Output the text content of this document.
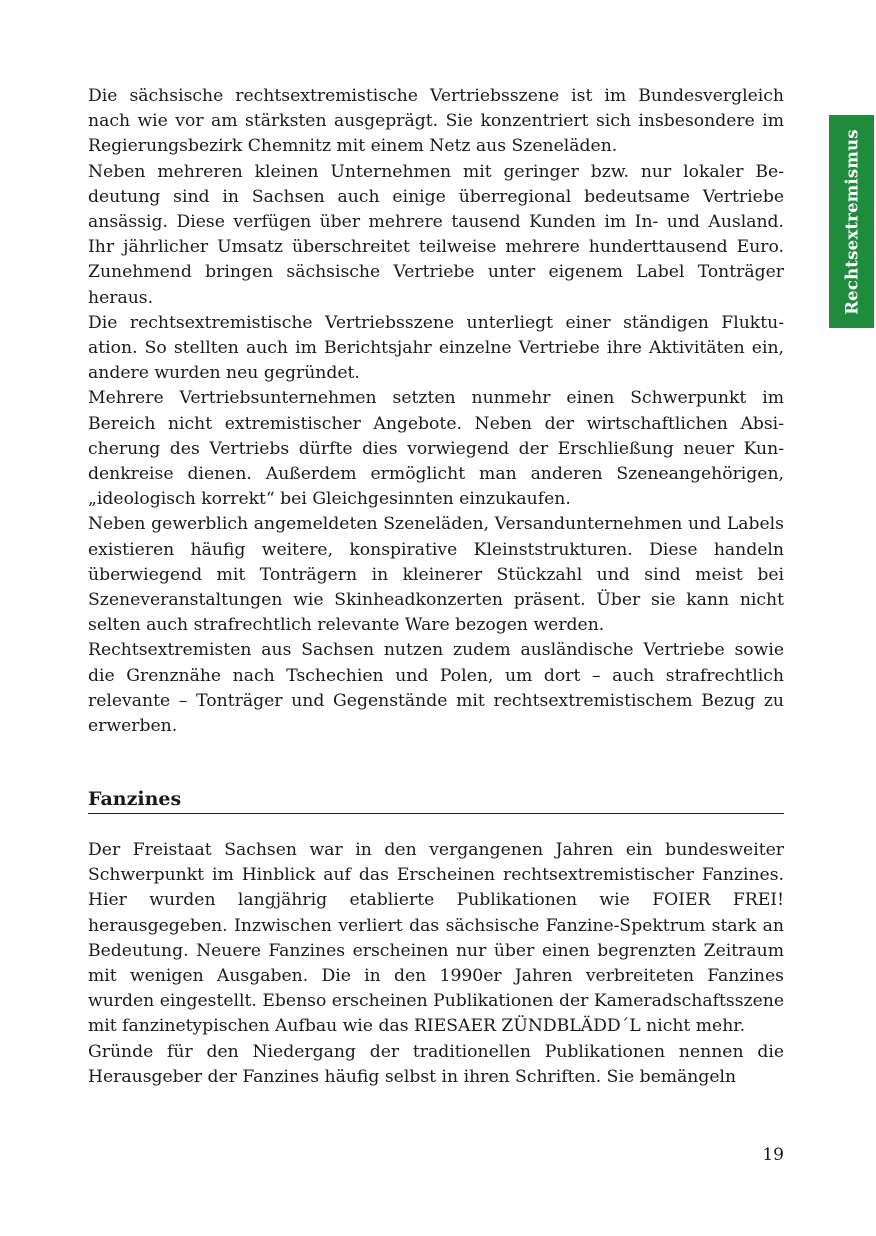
Rechtsextremismus

Die sächsische rechtsextremistische Vertriebsszene ist im Bundesvergleich nach wie vor am stärksten ausgeprägt. Sie konzentriert sich insbesondere im Regierungsbezirk Chemnitz mit einem Netz aus Szeneläden.

Neben mehreren kleinen Unternehmen mit geringer bzw. nur lokaler Bedeutung sind in Sachsen auch einige überregional bedeutsame Vertriebe ansässig. Diese verfügen über mehrere tausend Kunden im In- und Ausland. Ihr jährlicher Umsatz überschreitet teilweise mehrere hunderttausend Euro. Zunehmend bringen sächsische Vertriebe unter eigenem Label Tonträger heraus.

Die rechtsextremistische Vertriebsszene unterliegt einer ständigen Fluktuation. So stellten auch im Berichtsjahr einzelne Vertriebe ihre Aktivitäten ein, andere wurden neu gegründet.

Mehrere Vertriebsunternehmen setzten nunmehr einen Schwerpunkt im Bereich nicht extremistischer Angebote. Neben der wirtschaftlichen Absicherung des Vertriebs dürfte dies vorwiegend der Erschließung neuer Kundenkreise dienen. Außerdem ermöglicht man anderen Szeneangehörigen, „ideologisch korrekt“ bei Gleichgesinnten einzukaufen.

Neben gewerblich angemeldeten Szeneläden, Versandunternehmen und Labels existieren häufig weitere, konspirative Kleinststrukturen. Diese handeln überwiegend mit Tonträgern in kleinerer Stückzahl und sind meist bei Szeneveranstaltungen wie Skinheadkonzerten präsent. Über sie kann nicht selten auch strafrechtlich relevante Ware bezogen werden.

Rechtsextremisten aus Sachsen nutzen zudem ausländische Vertriebe sowie die Grenznähe nach Tschechien und Polen, um dort – auch strafrechtlich relevante – Tonträger und Gegenstände mit rechtsextremistischem Bezug zu erwerben.

Fanzines

Der Freistaat Sachsen war in den vergangenen Jahren ein bundesweiter Schwerpunkt im Hinblick auf das Erscheinen rechtsextremistischer Fanzines. Hier wurden langjährig etablierte Publikationen wie FOIER FREI! herausgegeben. Inzwischen verliert das sächsische Fanzine-Spektrum stark an Bedeutung. Neuere Fanzines erscheinen nur über einen begrenzten Zeitraum mit wenigen Ausgaben. Die in den 1990er Jahren verbreiteten Fanzines wurden eingestellt. Ebenso erscheinen Publikationen der Kameradschaftsszene mit fanzinetypischen Aufbau wie das RIESAER ZÜNDBLÄDD´L nicht mehr.

Gründe für den Niedergang der traditionellen Publikationen nennen die Herausgeber der Fanzines häufig selbst in ihren Schriften. Sie bemängeln

19
